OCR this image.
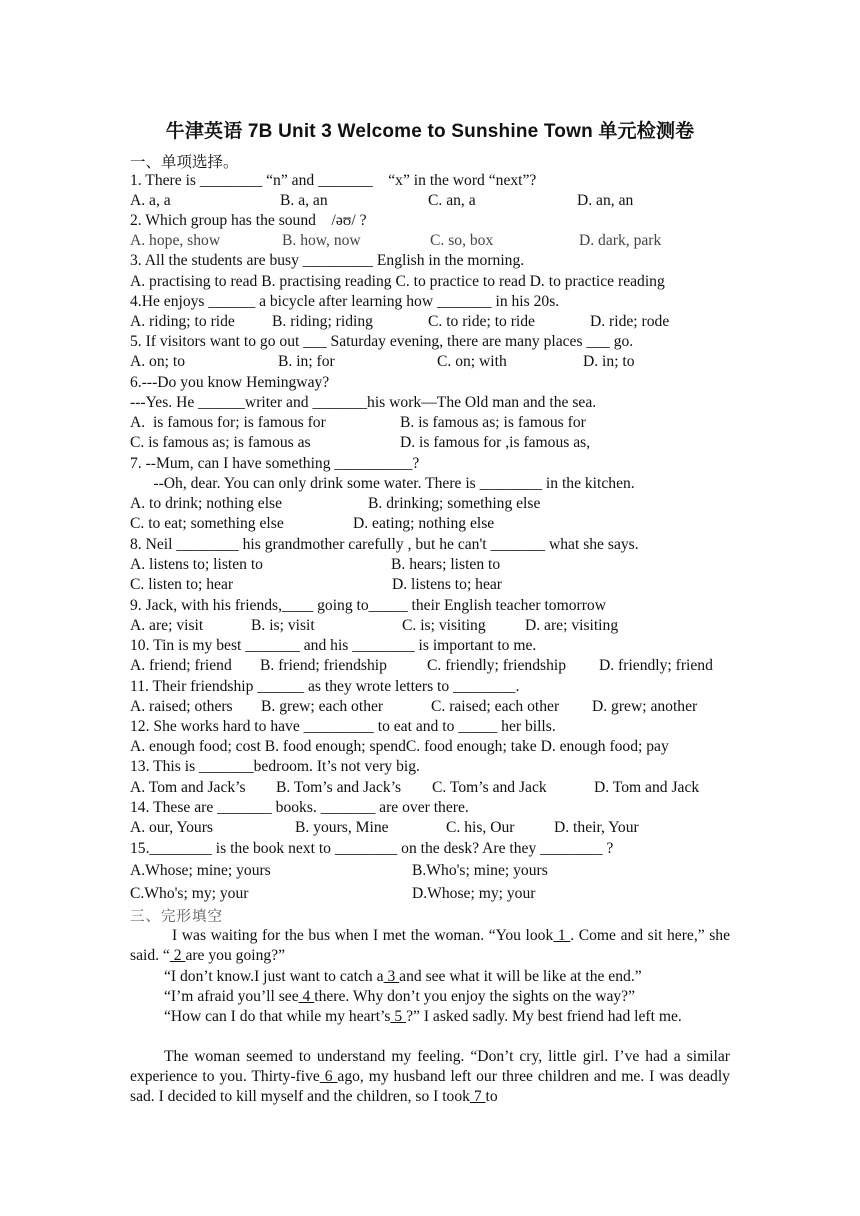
牛津英语 7B Unit 3 Welcome to Sunshine Town 单元检测卷
一、单项选择。
1. There is ________ “n” and _______    “x” in the word “next”?
A. a, a	B. a, an	C. an, a	D. an, an
2. Which group has the sound    /əʊ/ ?
A. hope, show	B. how, now	C. so, box	D. dark, park
3. All the students are busy _________ English in the morning.
A. practising to read B. practising reading C. to practice to read D. to practice reading
4.He enjoys ______ a bicycle after learning how _______ in his 20s.
A. riding; to ride B. riding; riding	C. to ride; to ride	D. ride; rode
5. If visitors want to go out ___ Saturday evening, there are many places ___ go.
A. on; to	B. in; for	C. on; with	D. in; to
6.---Do you know Hemingway?
---Yes. He ______writer and _______his work—The Old man and the sea.
A.  is famous for; is famous for	B. is famous as; is famous for
C. is famous as; is famous as	D. is famous for ,is famous as,
7. --Mum, can I have something __________?
--Oh, dear. You can only drink some water. There is ________ in the kitchen.
A. to drink; nothing else	B. drinking; something else
C. to eat; something else	D. eating; nothing else
8. Neil ________ his grandmother carefully , but he can't _______ what she says.
A. listens to; listen to	B. hears; listen to
C. listen to; hear	D. listens to; hear
9. Jack, with his friends,____ going to_____ their English teacher tomorrow
A. are; visit	B. is; visit	C. is; visiting	D. are; visiting
10. Tin is my best _______ and his ________ is important to me.
A. friend; friend B. friend; friendship	C. friendly; friendship D. friendly; friend
11. Their friendship ______ as they wrote letters to ________.
A. raised; others B. grew; each other	C. raised; each other D. grew; another
12. She works hard to have _________ to eat and to _____ her bills.
A. enough food; cost B. food enough; spendC. food enough; take D. enough food; pay
13. This is _______bedroom. It’s not very big.
A. Tom and Jack’s B. Tom’s and Jack’s C. Tom’s and Jack	D. Tom and Jack
14. These are _______ books. _______ are over there.
A. our, Yours	B. yours, Mine	C. his, Our	D. their, Your
15.________ is the book next to ________ on the desk? Are they ________ ?
A.Whose; mine; yours	B.Who's; mine; yours
C.Who's; my; your	D.Whose; my; your
三、完形填空
I was waiting for the bus when I met the woman. “You look 1 . Come and sit here,” she said. “ 2 are you going?”
“I don’t know.I just want to catch a 3 and see what it will be like at the end.”
“I’m afraid you’ll see 4 there. Why don’t you enjoy the sights on the way?”
“How can I do that while my heart’s 5 ?” I asked sadly. My best friend had left me.
The woman seemed to understand my feeling. “Don’t cry, little girl. I’ve had a similar experience to you. Thirty-five 6 ago, my husband left our three children and me. I was deadly sad. I decided to kill myself and the children, so I took 7 to
